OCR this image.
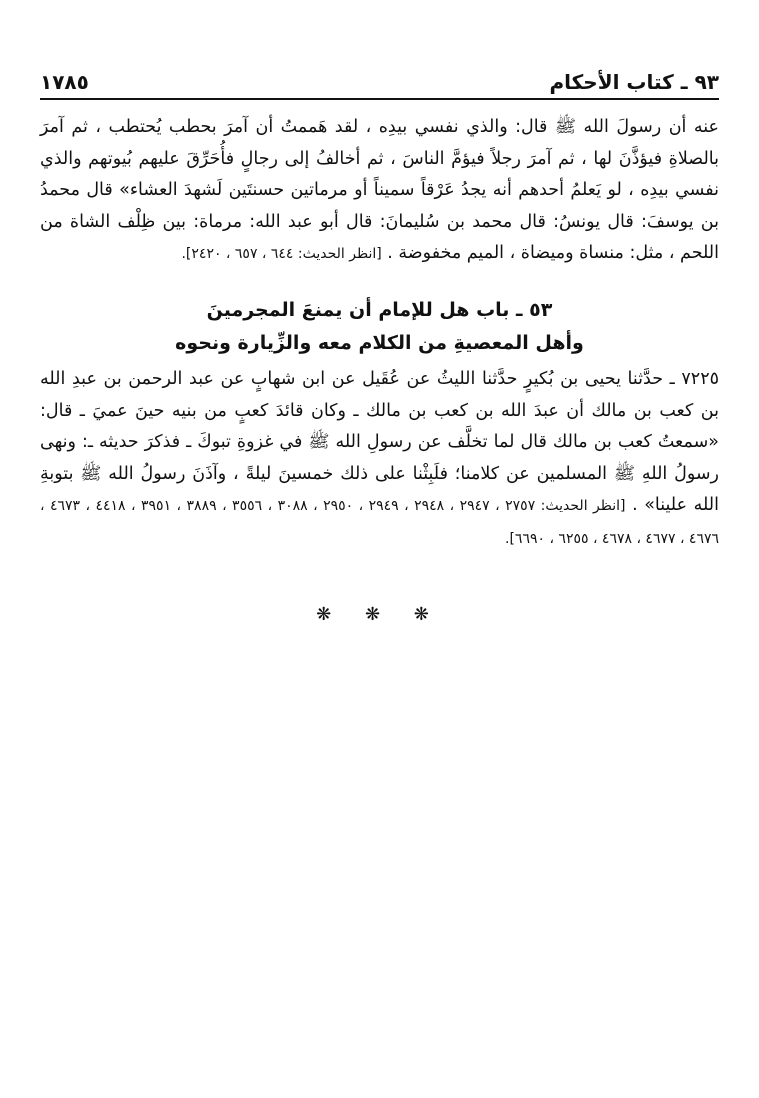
١٧٨٥	٩٣ ـ كتاب الأحكام
عنه أن رسولَ الله ﷺ قال: والذي نفسي بيدِه ، لقد هَممتُ أن آمرَ بحطب يُحتطب ، ثم آمرَ بالصلاةِ فيؤذَّنَ لها ، ثم آمرَ رجلاً فيؤمَّ الناسَ ، ثم أخالفُ إلى رجالٍ فأُحَرِّقَ عليهم بُيوتهم والذي نفسي بيدِه ، لو يَعلمُ أحدهم أنه يجدُ عَرْقاً سميناً أو مرماتين حسنتَين لَشهدَ العشاء» قال محمدُ بن يوسفَ: قال يونسُ: قال محمد بن سُليمانَ: قال أبو عبد الله: مرماة: بين ظِلْف الشاة من اللحم ، مثل: منساة وميضاة ، الميم مخفوضة . [انظر الحديث: ٦٤٤ ، ٦٥٧ ، ٢٤٢٠].
٥٣ ـ باب هل للإمام أن يمنعَ المجرمينَ
وأهل المعصيةِ من الكلام معه والزِّيارة ونحوه
٧٢٢٥ ـ حدَّثنا يحيى بن بُكيرٍ حدَّثنا الليثُ عن عُقَيل عن ابن شهابٍ عن عبد الرحمن بن عبدِ الله بن كعب بن مالك أن عبدَ الله بن كعب بن مالك ـ وكان قائدَ كعبٍ من بنيه حينَ عميَ ـ قال: «سمعتُ كعب بن مالك قال لما تخلَّف عن رسولِ الله ﷺ في غزوةِ تبوكَ ـ فذكرَ حديثه ـ: ونهى رسولُ اللهِ ﷺ المسلمين عن كلامنا؛ فلَبِثْنا على ذلك خمسينَ ليلةً ، وآذَنَ رسولُ الله ﷺ بتوبةِ الله علينا» . [انظر الحديث: ٢٧٥٧ ، ٢٩٤٧ ، ٢٩٤٨ ، ٢٩٤٩ ، ٢٩٥٠ ، ٣٠٨٨ ، ٣٥٥٦ ، ٣٨٨٩ ، ٣٩٥١ ، ٤٤١٨ ، ٤٦٧٣ ، ٤٦٧٦ ، ٤٦٧٧ ، ٤٦٧٨ ، ٦٢٥٥ ، ٦٦٩٠].
❋ ❋ ❋
